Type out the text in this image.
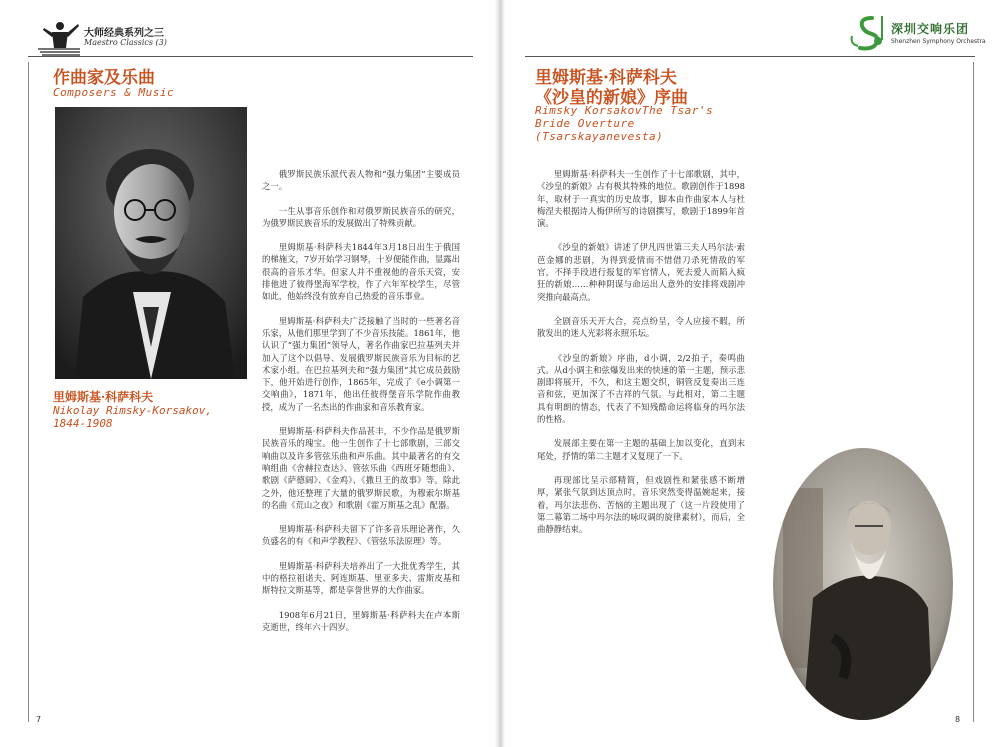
大师经典系列之三
Maestro Classics (3)
作曲家及乐曲
Composers & Music
里姆斯基·科萨科夫
Nikolay Rimsky-Korsakov,
1844-1908

俄罗斯民族乐派代表人物和“强力集团”主要成员之一。

一生从事音乐创作和对俄罗斯民族音乐的研究，为俄罗斯民族音乐的发展做出了特殊贡献。

里姆斯基·科萨科夫1844年3月18日出生于俄国的梯施文，7岁开始学习钢琴，十岁便能作曲，显露出很高的音乐才华。但家人并不重视他的音乐天资，安排他进了彼得堡海军学校，作了六年军校学生，尽管如此，他始终没有放弃自己热爱的音乐事业。

里姆斯基·科萨科夫广泛接触了当时的一些著名音乐家，从他们那里学到了不少音乐技能。1861年，他认识了“强力集团”领导人，著名作曲家巴拉基列夫并加入了这个以倡导、发展俄罗斯民族音乐为目标的艺术家小组。在巴拉基列夫和“强力集团”其它成员鼓励下，他开始进行创作，1865年，完成了《e小调第一交响曲》，1871年，他出任彼得堡音乐学院作曲教授，成为了一名杰出的作曲家和音乐教育家。

里姆斯基·科萨科夫作品甚丰，不少作品是俄罗斯民族音乐的瑰宝。他一生创作了十七部歌剧，三部交响曲以及许多管弦乐曲和声乐曲。其中最著名的有交响组曲《舍赫拉查达》、管弦乐曲《西班牙随想曲》、歌剧《萨德阔》、《金鸡》、《撒旦王的故事》等。除此之外，他还整理了大量的俄罗斯民歌，为穆索尔斯基的名曲《荒山之夜》和歌剧《霍万斯基之乱》配器。

里姆斯基·科萨科夫留下了许多音乐理论著作，久负盛名的有《和声学教程》、《管弦乐法原理》等。

里姆斯基·科萨科夫培养出了一大批优秀学生，其中的格拉祖诺夫、阿连斯基、里亚多夫、雷斯皮基和斯特拉文斯基等，都是享誉世界的大作曲家。

1908年6月21日，里姆斯基·科萨科夫在卢本斯克逝世，终年六十四岁。

7
深圳交响乐团
Shenzhen Symphony Orchestra
里姆斯基·科萨科夫
《沙皇的新娘》序曲
Rimsky KorsakovThe Tsar's
Bride Overture
(Tsarskayanevesta)

里姆斯基·科萨科夫一生创作了十七部歌剧，其中，《沙皇的新娘》占有极其特殊的地位。歌剧创作于1898年，取材于一真实的历史故事，脚本由作曲家本人与杜梅涅夫根据诗人梅伊所写的诗剧撰写，歌剧于1899年首演。

《沙皇的新娘》讲述了伊凡四世第三夫人玛尔法·索芭金娜的悲剧，为得到爱情而不惜借刀杀死情敌的军官，不择手段进行报复的军官情人，死去爱人而陷入疯狂的新娘……种种阴谋与命运出人意外的安排将戏剧冲突推向最高点。

全剧音乐天开大合，亮点纷呈，令人应接不暇，所散发出的迷人光彩将永照乐坛。

《沙皇的新娘》序曲，d小调，2/2拍子，奏鸣曲式。从d小调主和弦爆发出来的快速的第一主题，预示悲剧即将展开，不久，和这主题交织，铜管反复奏出三连音和弦，更加深了不吉祥的气氛。与此相对，第二主题具有明朗的情态，代表了不知残酷命运将临身的玛尔法的性格。

发展部主要在第一主题的基础上加以变化，直到末尾处，抒情的第二主题才又复现了一下。

再现部比呈示部精简，但戏剧性和紧张感不断增厚，紧张气氛到达顶点时，音乐突然变得温婉起来，接着，玛尔法悲伤、苦恼的主题出现了（这一片段使用了第二幕第二场中玛尔法的咏叹调的旋律素材），而后，全曲静静结束。

8
